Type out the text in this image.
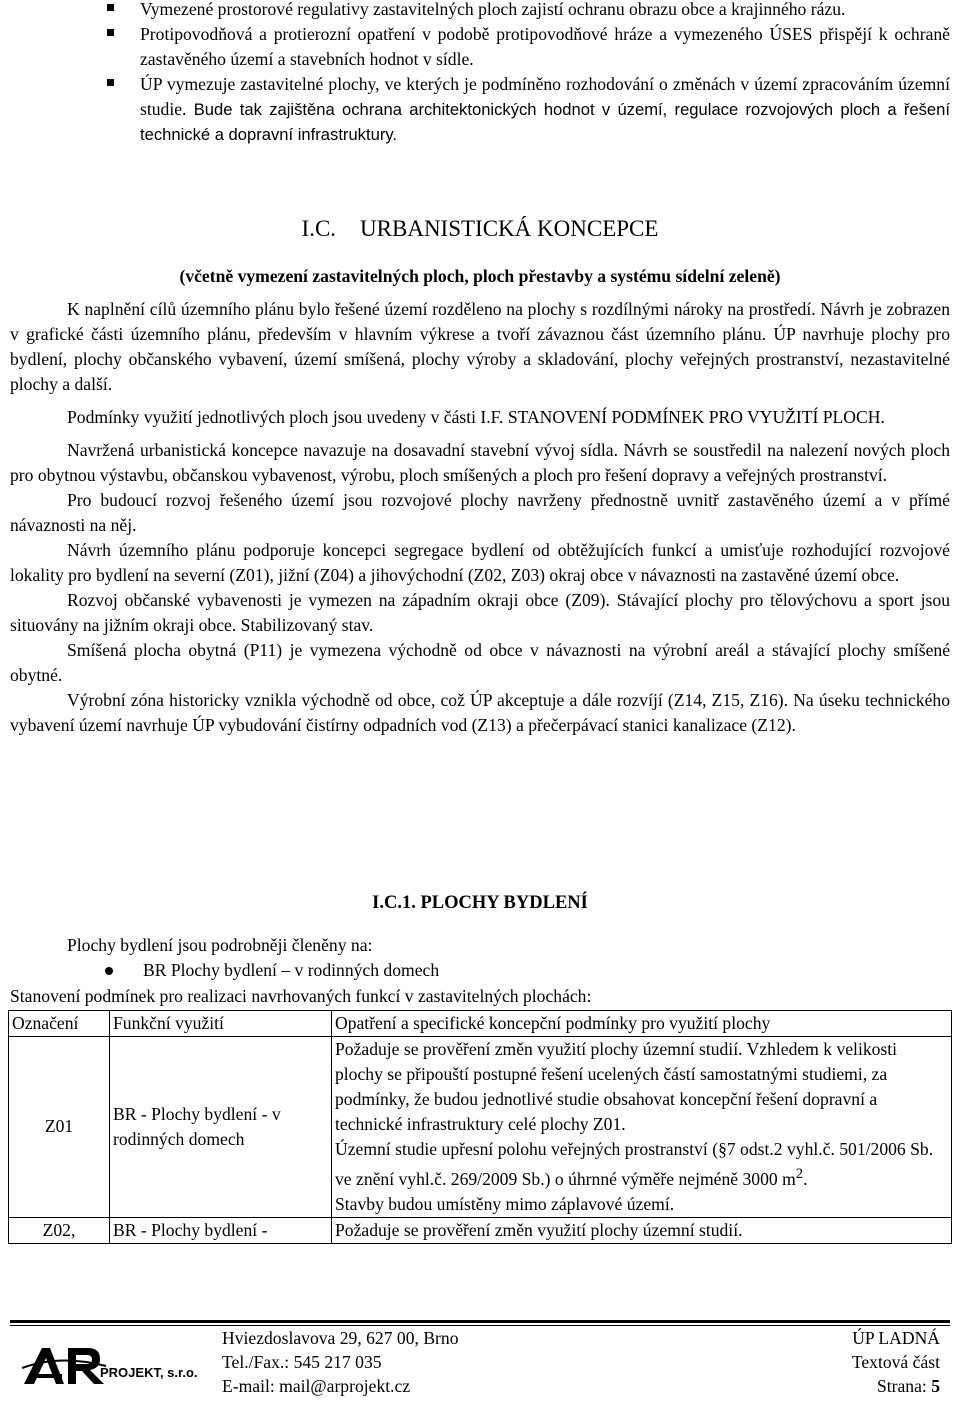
Vymezené prostorové regulativy zastavitelných ploch zajistí ochranu obrazu obce a krajinného rázu.
Protipovodňová a protierozní opatření v podobě protipovodňové hráze a vymezeného ÚSES přispějí k ochraně zastavěného území a stavebních hodnot v sídle.
ÚP vymezuje zastavitelné plochy, ve kterých je podmíněno rozhodování o změnách v území zpracováním územní studie. Bude tak zajištěna ochrana architektonických hodnot v území, regulace rozvojových ploch a řešení technické a dopravní infrastruktury.
I.C. URBANISTICKÁ KONCEPCE
(včetně vymezení zastavitelných ploch, ploch přestavby a systému sídelní zeleně)

K naplnění cílů územního plánu bylo řešené území rozděleno na plochy s rozdílnými nároky na prostředí. Návrh je zobrazen v grafické části územního plánu, především v hlavním výkrese a tvoří závaznou část územního plánu. ÚP navrhuje plochy pro bydlení, plochy občanského vybavení, území smíšená, plochy výroby a skladování, plochy veřejných prostranství, nezastavitelné plochy a další.

Podmínky využití jednotlivých ploch jsou uvedeny v části I.F. STANOVENÍ PODMÍNEK PRO VYUŽITÍ PLOCH.

Navržená urbanistická koncepce navazuje na dosavadní stavební vývoj sídla. Návrh se soustředil na nalezení nových ploch pro obytnou výstavbu, občanskou vybavenost, výrobu, ploch smíšených a ploch pro řešení dopravy a veřejných prostranství.

Pro budoucí rozvoj řešeného území jsou rozvojové plochy navrženy přednostně uvnitř zastavěného území a v přímé návaznosti na něj.

Návrh územního plánu podporuje koncepci segregace bydlení od obtěžujících funkcí a umisťuje rozhodující rozvojové lokality pro bydlení na severní (Z01), jižní (Z04) a jihovýchodní (Z02, Z03) okraj obce v návaznosti na zastavěné území obce.

Rozvoj občanské vybavenosti je vymezen na západním okraji obce (Z09). Stávající plochy pro tělovýchovu a sport jsou situovány na jižním okraji obce. Stabilizovaný stav.

Smíšená plocha obytná (P11) je vymezena východně od obce v návaznosti na výrobní areál a stávající plochy smíšené obytné.

Výrobní zóna historicky vznikla východně od obce, což ÚP akceptuje a dále rozvíjí (Z14, Z15, Z16). Na úseku technického vybavení území navrhuje ÚP vybudování čistírny odpadních vod (Z13) a přečerpávací stanici kanalizace (Z12).

I.C.1. PLOCHY BYDLENÍ

Plochy bydlení jsou podrobněji členěny na:

BR Plochy bydlení – v rodinných domech

Stanovení podmínek pro realizaci navrhovaných funkcí v zastavitelných plochách:

Označení	Funkční využití	Opatření a specifické koncepční podmínky pro využití plochy
Z01	BR - Plochy bydlení - v rodinných domech	Požaduje se prověření změn využití plochy územní studií. Vzhledem k velikosti plochy se připouští postupné řešení ucelených částí samostatnými studiemi, za podmínky, že budou jednotlivé studie obsahovat koncepční řešení dopravní a technické infrastruktury celé plochy Z01.
Územní studie upřesní polohu veřejných prostranství (§7 odst.2 vyhl.č. 501/2006 Sb. ve znění vyhl.č. 269/2009 Sb.) o úhrnné výměře nejméně 3000 $m^2$.
Stavby budou umístěny mimo záplavové území.

Z02,	BR - Plochy bydlení -	Požaduje se prověření změn využití plochy územní studií.
PROJEKT, s.r.o.
Hviezdoslavova 29, 627 00, Brno
Tel./Fax.: 545 217 035
E-mail: mail@arprojekt.cz
ÚP LADNÁ
Textová část
Strana: 5
